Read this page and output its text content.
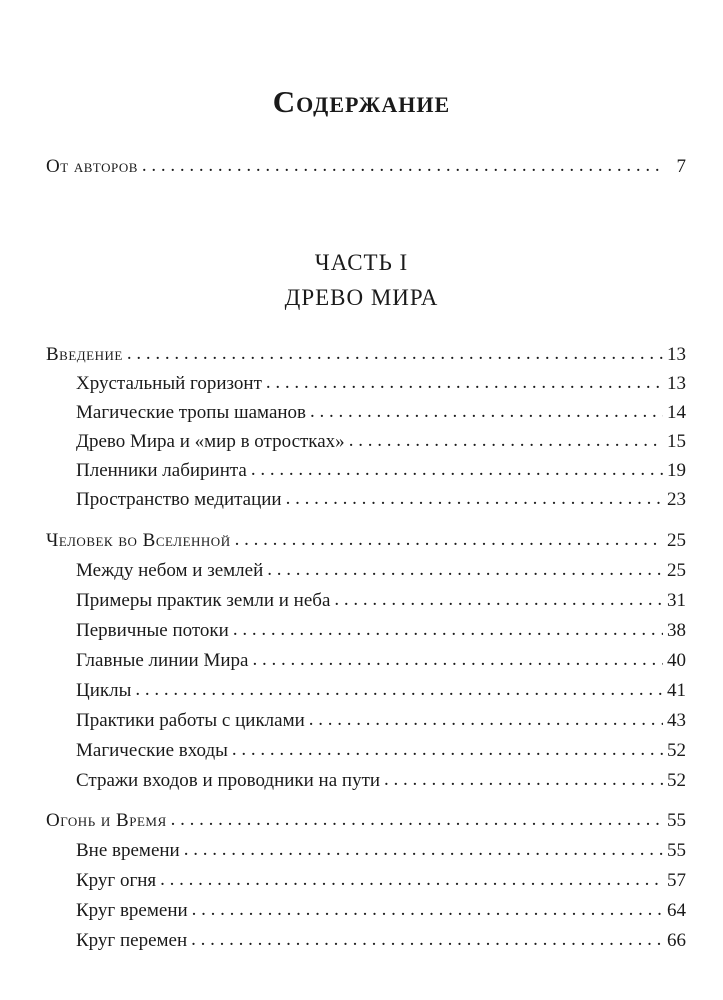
Содержание
От авторов . . .	7
ЧАСТЬ I
ДРЕВО МИРА
Введение . . .	13
Хрустальный горизонт . . .	13
Магические тропы шаманов . . .	14
Древо Мира и «мир в отростках» . . .	15
Пленники лабиринта . . .	19
Пространство медитации . . .	23
Человек во Вселенной . . .	25
Между небом и землей . . .	25
Примеры практик земли и неба . . .	31
Первичные потоки . . .	38
Главные линии Мира . . .	40
Циклы . . .	41
Практики работы с циклами . . .	43
Магические входы . . .	52
Стражи входов и проводники на пути . . .	52
Огонь и Время . . .	55
Вне времени . . .	55
Круг огня . . .	57
Круг времени . . .	64
Круг перемен . . .	66
